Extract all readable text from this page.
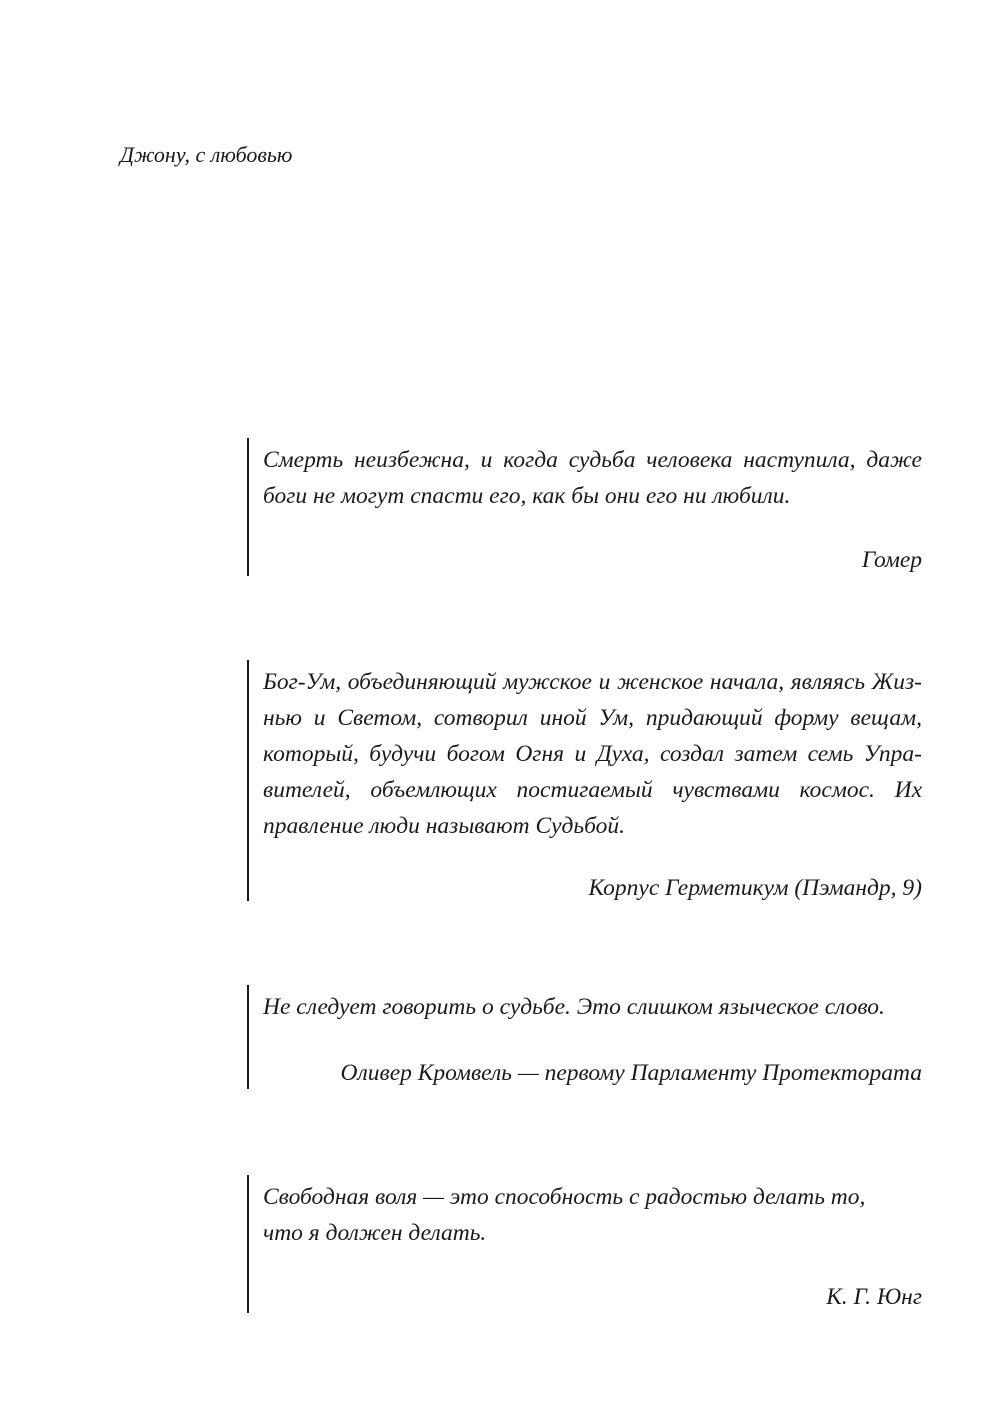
Джону, с любовью

Смерть неизбежна, и когда судьба человека наступила, даже
боги не могут спасти его, как бы они его ни любили.

Гомер

Бог-Ум, объединяющий мужское и женское начала, являясь Жиз-
нью и Светом, сотворил иной Ум, придающий форму вещам,
который, будучи богом Огня и Духа, создал затем семь Упра-
вителей, объемлющих постигаемый чувствами космос. Их
правление люди называют Судьбой.

Корпус Герметикум (Пэмандр, 9)

Не следует говорить о судьбе. Это слишком языческое слово.

Оливер Кромвель — первому Парламенту Протектората

Свободная воля — это способность с радостью делать то,
что я должен делать.

К. Г. Юнг
